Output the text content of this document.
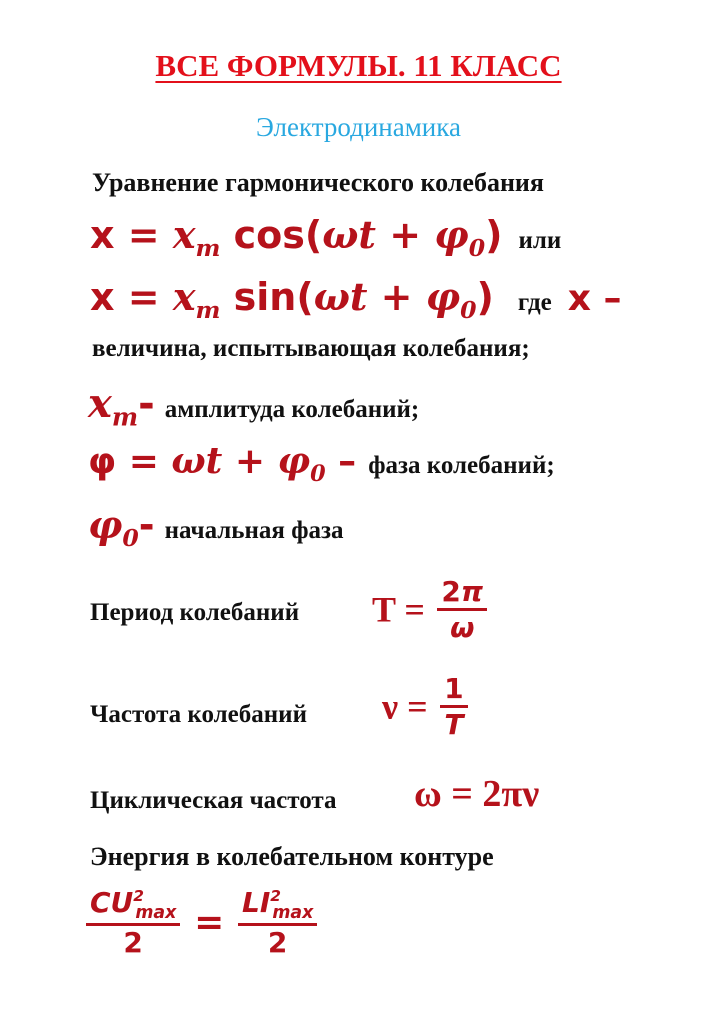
ВСЕ ФОРМУЛЫ. 11 КЛАСС
Электродинамика
Уравнение гармонического колебания
$x = x_m$ $\cos(\omega t + \varphi_0)$ или
$x = x_m$ $\sin(\omega t + \varphi_0)$ где x –
величина, испытывающая колебания;
$x_m-$ амплитуда колебаний;
$\varphi = \omega t + \varphi_0$ – фаза колебаний;
$\varphi_0-$ начальная фаза
Период колебаний $T = \frac{2\pi}{\omega}$
Частота колебаний $\nu = \frac{1}{T}$
Циклическая частота ω = 2πν
Энергия в колебательном контуре
$\frac{CU^2_{max}}{2} = \frac{LI^2_{max}}{2}$
